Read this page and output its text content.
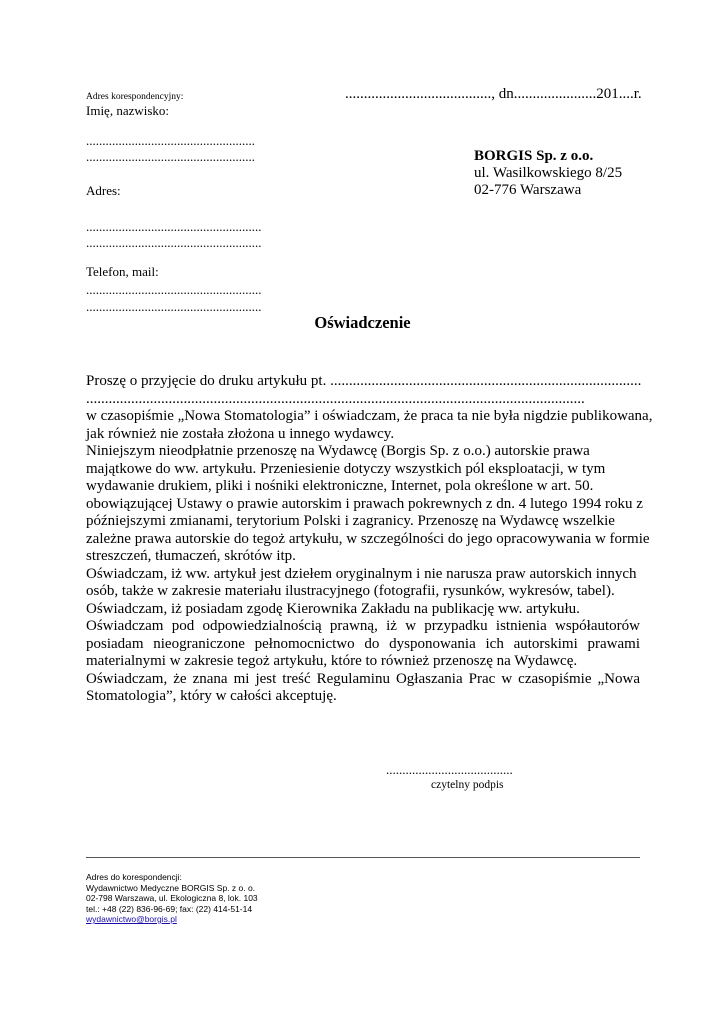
Adres korespondencyjny:
Imię, nazwisko:
....................................................
....................................................
Adres:
......................................................
......................................................
Telefon, mail:
......................................................
......................................................
......................................., dn......................201....r.
BORGIS Sp. z o.o.
ul. Wasilkowskiego 8/25
02-776 Warszawa
Oświadczenie
Proszę o przyjęcie do druku artykułu pt. ...................................................................................
.....................................................................................................................................
w czasopiśmie „Nowa Stomatologia” i oświadczam, że praca ta nie była nigdzie publikowana,
jak również nie została złożona u innego wydawcy.
Niniejszym nieodpłatnie przenoszę na Wydawcę (Borgis Sp. z o.o.) autorskie prawa
majątkowe do ww. artykułu. Przeniesienie dotyczy wszystkich pól eksploatacji, w tym
wydawanie drukiem, pliki i nośniki elektroniczne, Internet, pola określone w art. 50.
obowiązującej Ustawy o prawie autorskim i prawach pokrewnych z dn. 4 lutego 1994 roku z
późniejszymi zmianami, terytorium Polski i zagranicy. Przenoszę na Wydawcę wszelkie
zależne prawa autorskie do tegoż artykułu, w szczególności do jego opracowywania w formie
streszczeń, tłumaczeń, skrótów itp.
Oświadczam, iż ww. artykuł jest dziełem oryginalnym i nie narusza praw autorskich innych
osób, także w zakresie materiału ilustracyjnego (fotografii, rysunków, wykresów, tabel).
Oświadczam, iż posiadam zgodę Kierownika Zakładu na publikację ww. artykułu.
Oświadczam pod odpowiedzialnością prawną, iż w przypadku istnienia współautorów
posiadam nieograniczone pełnomocnictwo do dysponowania ich autorskimi prawami
materialnymi w zakresie tegoż artykułu, które to również przenoszę na Wydawcę.
Oświadczam, że znana mi jest treść Regulaminu Ogłaszania Prac w czasopiśmie „Nowa
Stomatologia”, który w całości akceptuję.
.......................................
czytelny podpis
Adres do korespondencji:
Wydawnictwo Medyczne BORGIS Sp. z o. o.
02-798 Warszawa, ul. Ekologiczna 8, lok. 103
tel.: +48 (22) 836-96-69; fax: (22) 414-51-14
wydawnictwo@borgis.pl
